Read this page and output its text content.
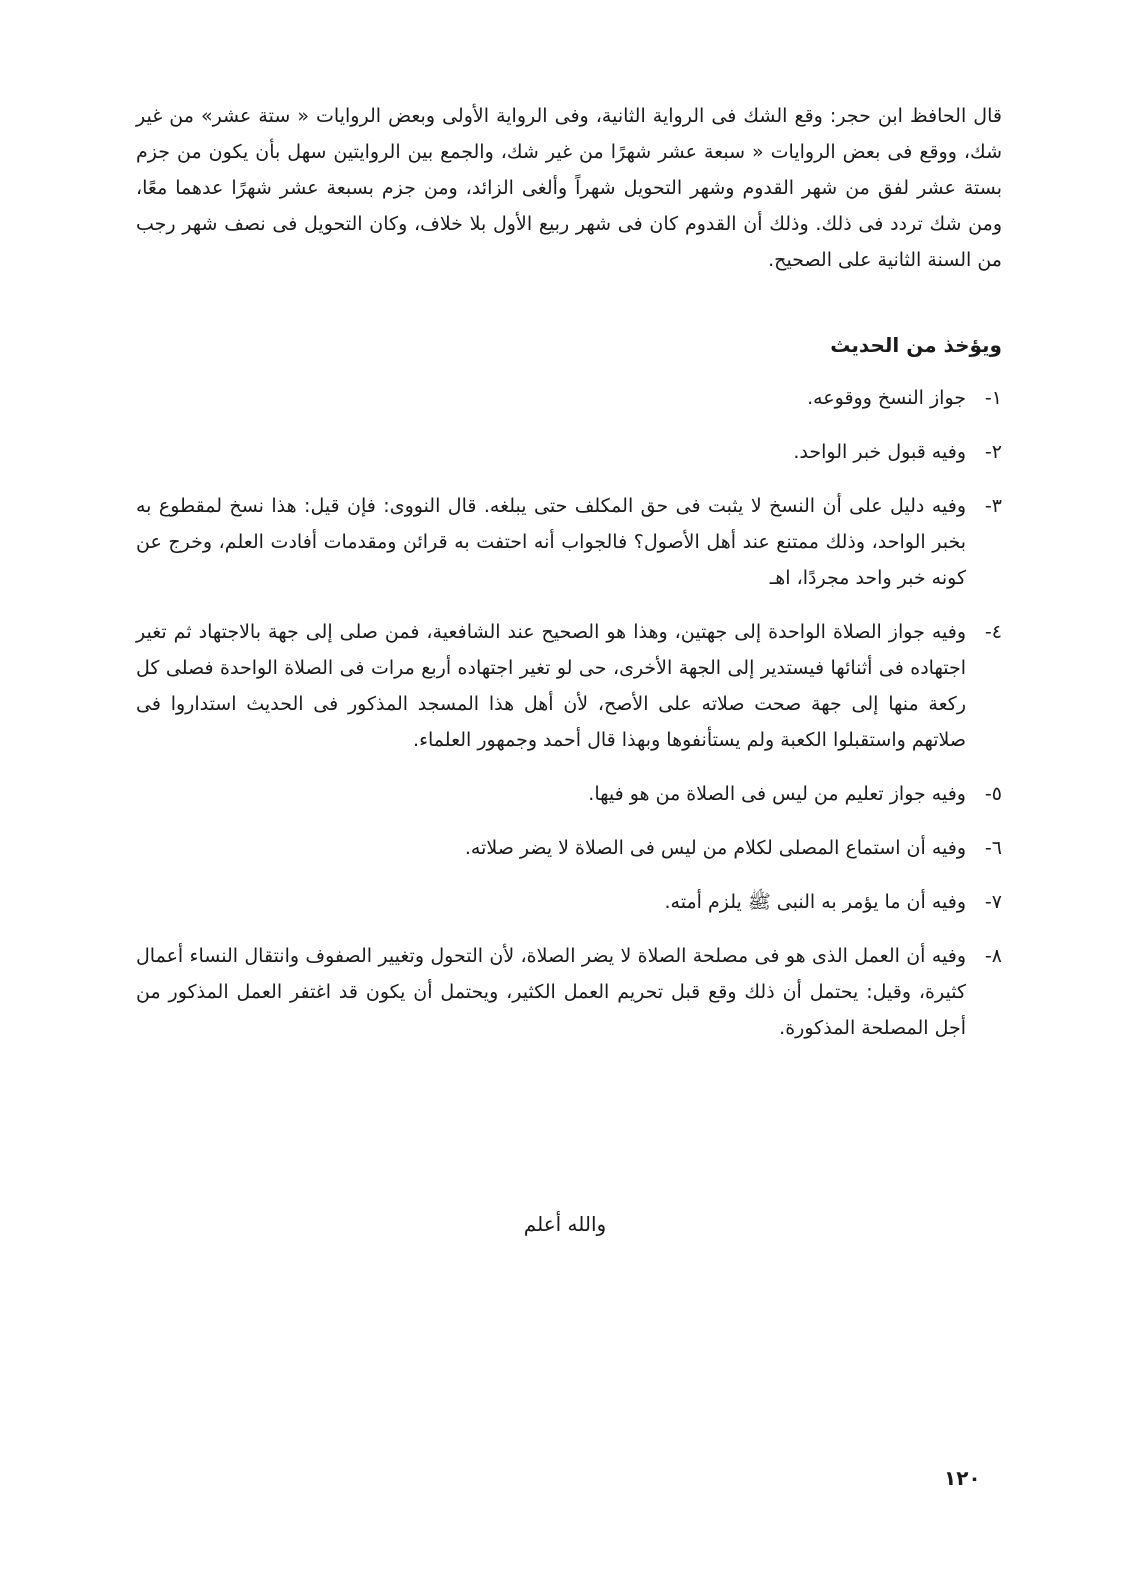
قال الحافظ ابن حجر: وقع الشك فى الرواية الثانية، وفى الرواية الأولى وبعض الروايات « ستة عشر» من غير شك، ووقع فى بعض الروايات « سبعة عشر شهرًا من غير شك، والجمع بين الروايتين سهل بأن يكون من جزم بستة عشر لفق من شهر القدوم وشهر التحويل شهراً وألغى الزائد، ومن جزم بسبعة عشر شهرًا عدهما معًا، ومن شك تردد فى ذلك. وذلك أن القدوم كان فى شهر ربيع الأول بلا خلاف، وكان التحويل فى نصف شهر رجب من السنة الثانية على الصحيح.

ويؤخذ من الحديث
١-
جواز النسخ ووقوعه.
٢-
وفيه قبول خبر الواحد.
٣-
وفيه دليل على أن النسخ لا يثبت فى حق المكلف حتى يبلغه. قال النووى: فإن قيل: هذا نسخ لمقطوع به بخبر الواحد، وذلك ممتنع عند أهل الأصول؟ فالجواب أنه احتفت به قرائن ومقدمات أفادت العلم، وخرج عن كونه خبر واحد مجردًا، اهـ
٤-
وفيه جواز الصلاة الواحدة إلى جهتين، وهذا هو الصحيح عند الشافعية، فمن صلى إلى جهة بالاجتهاد ثم تغير اجتهاده فى أثنائها فيستدير إلى الجهة الأخرى، حى لو تغير اجتهاده أربع مرات فى الصلاة الواحدة فصلى كل ركعة منها إلى جهة صحت صلاته على الأصح، لأن أهل هذا المسجد المذكور فى الحديث استداروا فى صلاتهم واستقبلوا الكعبة ولم يستأنفوها وبهذا قال أحمد وجمهور العلماء.
٥-
وفيه جواز تعليم من ليس فى الصلاة من هو فيها.
٦-
وفيه أن استماع المصلى لكلام من ليس فى الصلاة لا يضر صلاته.
٧-
وفيه أن ما يؤمر به النبى ﷺ يلزم أمته.
٨-
وفيه أن العمل الذى هو فى مصلحة الصلاة لا يضر الصلاة، لأن التحول وتغيير الصفوف وانتقال النساء أعمال كثيرة، وقيل: يحتمل أن ذلك وقع قبل تحريم العمل الكثير، ويحتمل أن يكون قد اغتفر العمل المذكور من أجل المصلحة المذكورة.
والله أعلم
١٢٠
